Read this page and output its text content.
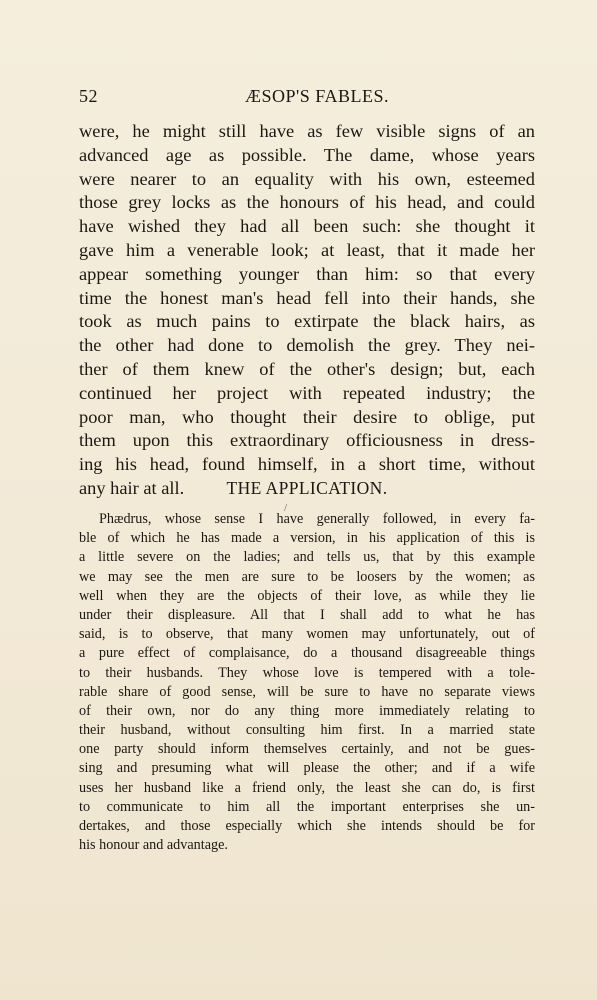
52	ÆSOP'S FABLES.
were, he might still have as few visible signs of an
advanced age as possible. The dame, whose years
were nearer to an equality with his own, esteemed
those grey locks as the honours of his head, and could
have wished they had all been such: she thought it
gave him a venerable look; at least, that it made her
appear something younger than him: so that every
time the honest man's head fell into their hands, she
took as much pains to extirpate the black hairs, as
the other had done to demolish the grey. They nei-
ther of them knew of the other's design; but, each
continued her project with repeated industry; the
poor man, who thought their desire to oblige, put
them upon this extraordinary officiousness in dress-
ing his head, found himself, in a short time, without
any hair at all.	THE APPLICATION.
/
Phædrus, whose sense I have generally followed, in every fa-
ble of which he has made a version, in his application of this is
a little severe on the ladies; and tells us, that by this example
we may see the men are sure to be loosers by the women; as
well when they are the objects of their love, as while they lie
under their displeasure. All that I shall add to what he has
said, is to observe, that many women may unfortunately, out of
a pure effect of complaisance, do a thousand disagreeable things
to their husbands. They whose love is tempered with a tole-
rable share of good sense, will be sure to have no separate views
of their own, nor do any thing more immediately relating to
their husband, without consulting him first. In a married state
one party should inform themselves certainly, and not be gues-
sing and presuming what will please the other; and if a wife
uses her husband like a friend only, the least she can do, is first
to communicate to him all the important enterprises she un-
dertakes, and those especially which she intends should be for
his honour and advantage.
